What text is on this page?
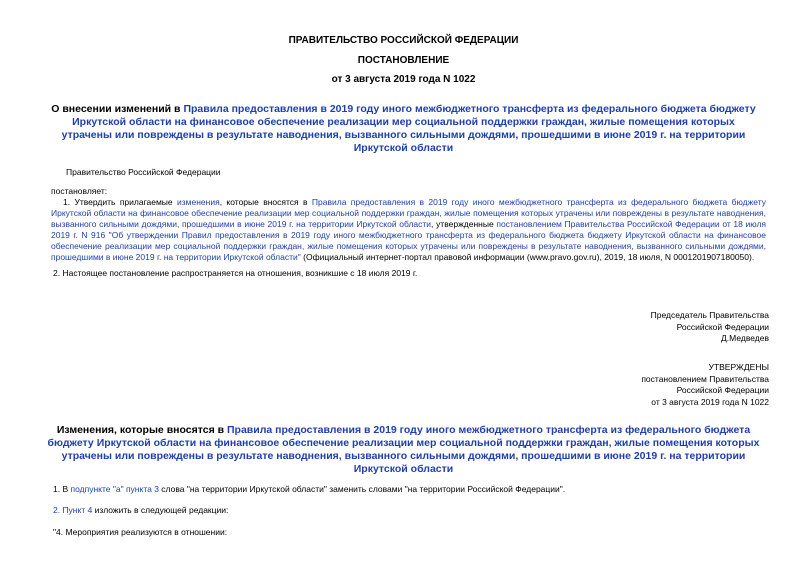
ПРАВИТЕЛЬСТВО РОССИЙСКОЙ ФЕДЕРАЦИИ
ПОСТАНОВЛЕНИЕ
от 3 августа 2019 года N 1022
О внесении изменений в Правила предоставления в 2019 году иного межбюджетного трансферта из федерального бюджета бюджету Иркутской области на финансовое обеспечение реализации мер социальной поддержки граждан, жилые помещения которых утрачены или повреждены в результате наводнения, вызванного сильными дождями, прошедшими в июне 2019 г. на территории Иркутской области
Правительство Российской Федерации
постановляет:
1. Утвердить прилагаемые изменения, которые вносятся в Правила предоставления в 2019 году иного межбюджетного трансферта из федерального бюджета бюджету Иркутской области на финансовое обеспечение реализации мер социальной поддержки граждан, жилые помещения которых утрачены или повреждены в результате наводнения, вызванного сильными дождями, прошедшими в июне 2019 г. на территории Иркутской области, утвержденные постановлением Правительства Российской Федерации от 18 июля 2019 г. N 916 "Об утверждении Правил предоставления в 2019 году иного межбюджетного трансферта из федерального бюджета бюджету Иркутской области на финансовое обеспечение реализации мер социальной поддержки граждан, жилые помещения которых утрачены или повреждены в результате наводнения, вызванного сильными дождями, прошедшими в июне 2019 г. на территории Иркутской области" (Официальный интернет-портал правовой информации (www.pravo.gov.ru), 2019, 18 июля, N 0001201907180050).
2. Настоящее постановление распространяется на отношения, возникшие с 18 июля 2019 г.
Председатель Правительства
Российской Федерации
Д.Медведев
УТВЕРЖДЕНЫ
постановлением Правительства
Российской Федерации
от 3 августа 2019 года N 1022
Изменения, которые вносятся в Правила предоставления в 2019 году иного межбюджетного трансферта из федерального бюджета бюджету Иркутской области на финансовое обеспечение реализации мер социальной поддержки граждан, жилые помещения которых утрачены или повреждены в результате наводнения, вызванного сильными дождями, прошедшими в июне 2019 г. на территории Иркутской области
1. В подпункте "а" пункта 3 слова "на территории Иркутской области" заменить словами "на территории Российской Федерации".
2. Пункт 4 изложить в следующей редакции:
"4. Мероприятия реализуются в отношении:
